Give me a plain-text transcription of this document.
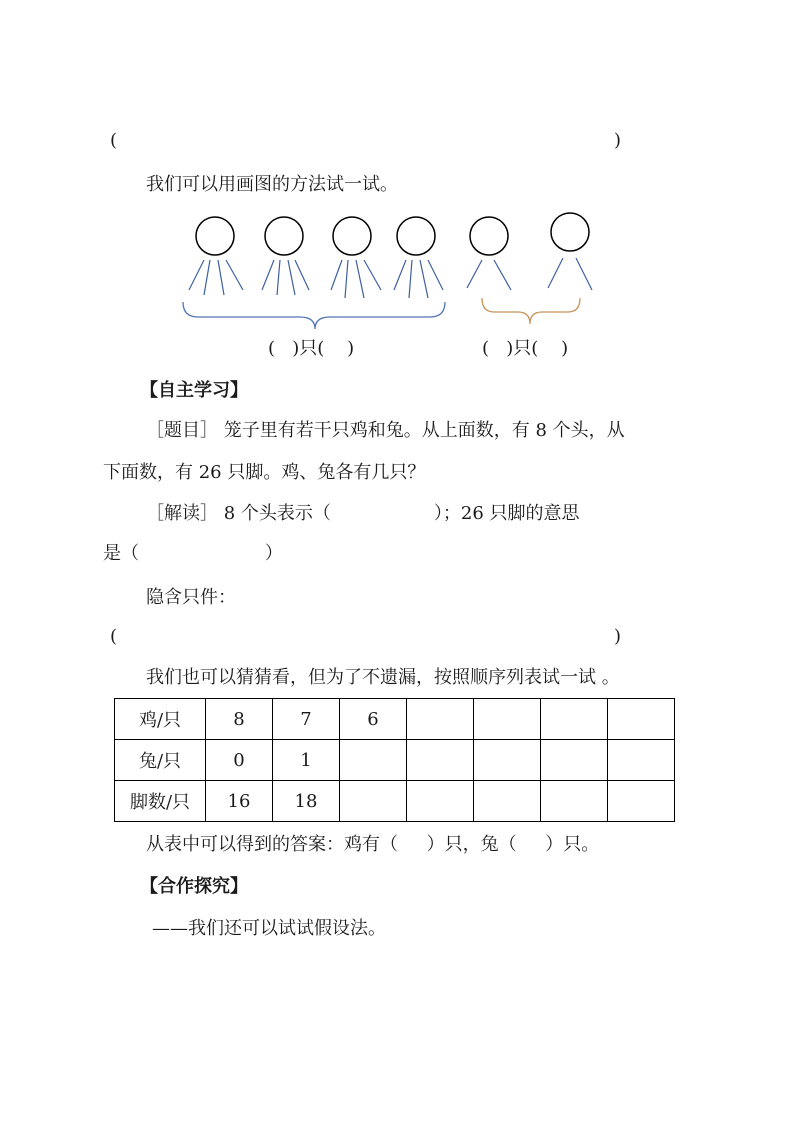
(	)
我们可以用画图的方法试一试。
(   )只(    )	(   )只(    )
【自主学习】
［题目］ 笼子里有若干只鸡和兔。从上面数，有 8 个头，从
下面数，有 26 只脚。鸡、兔各有几只？
［解读］ 8 个头表示（                  ）；26 只脚的意思
是（                      ）
隐含只件：
(	)
我们也可以猜猜看，但为了不遗漏，按照顺序列表试一试 。
鸡/只	8	7	6				
兔/只	0	1					
脚数/只	16	18					
从表中可以得到的答案：鸡有（     ）只，兔（     ）只。
【合作探究】
——我们还可以试试假设法。
